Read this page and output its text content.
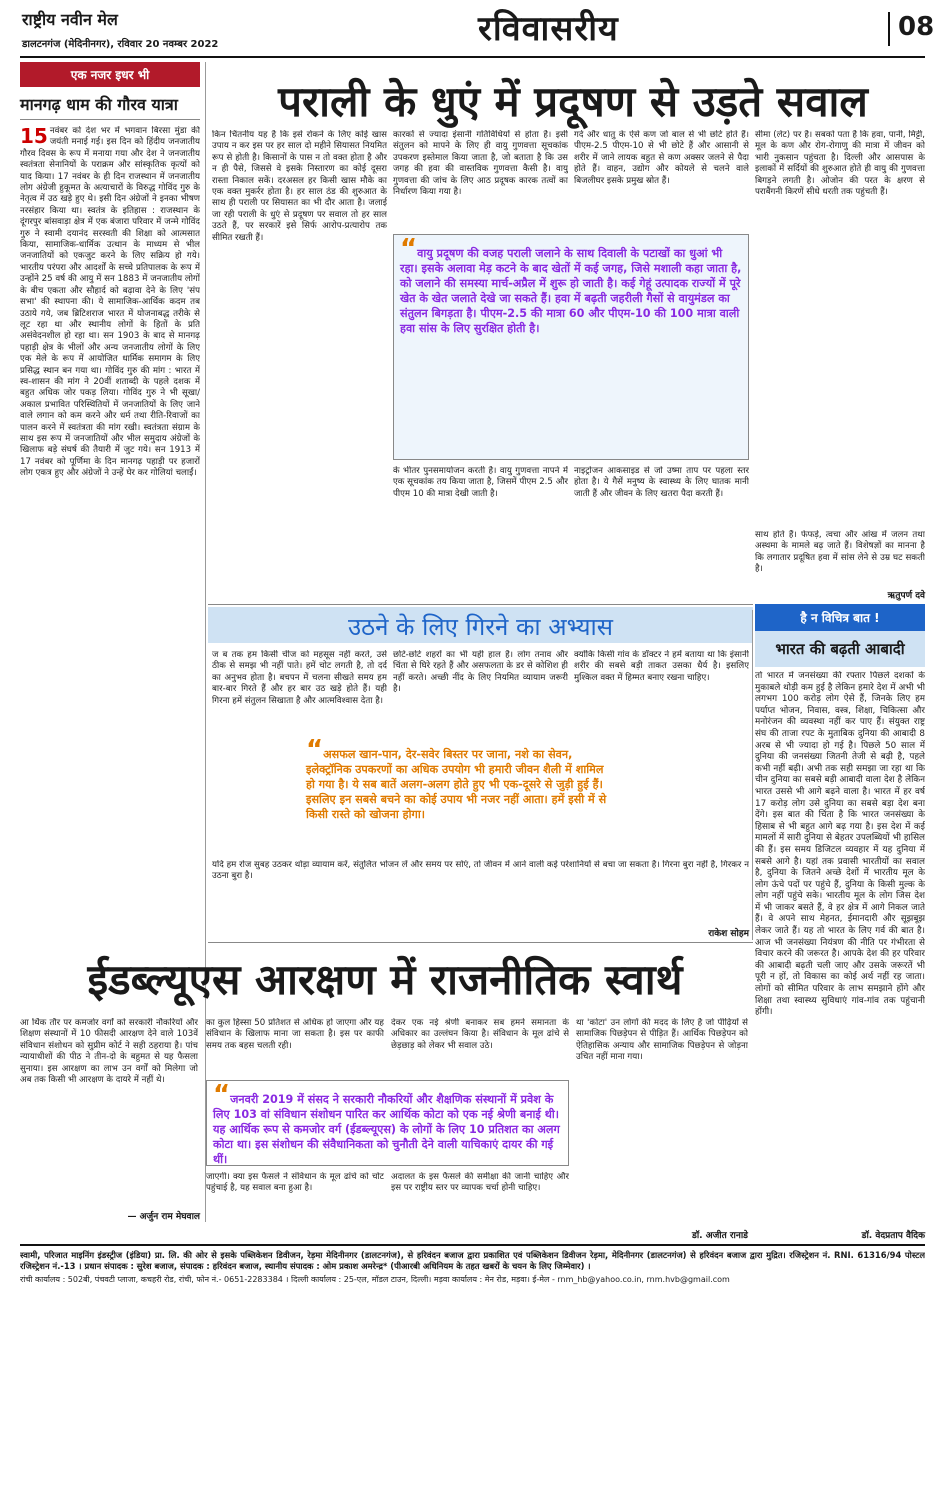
राष्ट्रीय नवीन मेल
डालटनगंज (मेदिनीनगर), रविवार 20 नवम्बर 2022	रविवासरीय	08
एक नजर इधर भी
मानगढ़ धाम की गौरव यात्रा
15 नवंबर को देश भर में भगवान बिरसा मुंडा की जयंती मनाई गई। इस दिन को हिंदीय जनजातीय गौरव दिवस के रूप में मनाया गया और देश ने जनजातीय स्वतंत्रता सेनानियों के पराक्रम और सांस्कृतिक कृत्यों को याद किया। 17 नवंबर के ही दिन राजस्थान में जनजातीय लोग अंग्रेजी हुकूमत के अत्याचारों के विरुद्ध गोविंद गुरु के नेतृत्व में उठ खड़े हुए थे। इसी दिन अंग्रेजों ने इनका भीषण नरसंहार किया था। स्वतंत्र के इतिहास : राजस्थान के दूंगरपुर बांसवाड़ा क्षेत्र में एक बंजारा परिवार में जन्मे गोविंद गुरु ने स्वामी दयानंद सरस्वती की शिक्षा को आत्मसात किया, सामाजिक-धार्मिक उत्थान के माध्यम से भील जनजातियों को एकजुट करने के लिए सक्रिय हो गये। भारतीय परंपरा और आदर्शों के सच्चे प्रतिपालक के रूप में उन्होंने 25 वर्ष की आयु में सन 1883 में जनजातीय लोगों के बीच एकता और सौहार्द को बढ़ावा देने के लिए 'संप सभा' की स्थापना की। ये सामाजिक-आर्थिक कदम तब उठाये गये, जब ब्रिटिशराज भारत में योजनाबद्ध तरीके से लूट रहा था और स्थानीय लोगों के हितों के प्रति असंवेदनशील हो रहा था। सन 1903 के बाद से मानगढ़ पहाड़ी क्षेत्र के भीलों और अन्य जनजातीय लोगों के लिए एक मेले के रूप में आयोजित धार्मिक समागम के लिए प्रसिद्ध स्थान बन गया था। गोविंद गुरु की मांग : भारत में स्व-शासन की मांग ने 20वीं शताब्दी के पहले दशक में बहुत अधिक जोर पकड़ लिया। गोविंद गुरु ने भी सूखा/अकाल प्रभावित परिस्थितियों में जनजातियों के लिए जाने वाले लगान को कम करने और धर्म तथा रीति-रिवाजों का पालन करने में स्वतंत्रता की मांग रखी। स्वतंत्रता संग्राम के साथ इस रूप में जनजातियों और भील समुदाय अंग्रेजों के खिलाफ बड़े संघर्ष की तैयारी में जुट गये। सन 1913 में 17 नवंबर को पूर्णिमा के दिन मानगढ़ पहाड़ी पर हजारों लोग एकत्र हुए और अंग्रेजों ने उन्हें घेर कर गोलियां चलाईं।
— अर्जुन राम मेघवाल
पराली के धुएं में प्रदूषण से उड़ते सवाल
किन चिंतनीय यह है कि इसे रोकने के लिए कोई खास उपाय न कर इस पर हर साल दो महीने सियासत नियमित रूप से होती है। किसानों के पास न तो वक्त होता है और न ही पैसे, जिससे वे इसके निस्तारण का कोई दूसरा रास्ता निकाल सकें। दरअसल हर किसी खास मौके का एक वक्त मुकर्रर होता है। हर साल ठंड की शुरुआत के साथ ही पराली पर सियासत का भी दौर आता है। जलाई जा रही पराली के धुएं से प्रदूषण पर सवाल तो हर साल उठते हैं, पर सरकारें इसे सिर्फ आरोप-प्रत्यारोप तक सीमित रखती हैं।
कारकों से ज्यादा इंसानी गतिविधियों से होता है। इसी संतुलन को मापने के लिए ही वायु गुणवत्ता सूचकांक उपकरण इस्तेमाल किया जाता है, जो बताता है कि उस जगह की हवा की वास्तविक गुणवत्ता कैसी है। वायु गुणवत्ता की जांच के लिए आठ प्रदूषक कारक तत्वों का निर्धारण किया गया है।
गर्द और धातु के ऐसे कण जो बाल से भी छोटे होते हैं। पीएम-2.5 पीएम-10 से भी छोटे हैं और आसानी से शरीर में जाने लायक बहुत से कण अक्सर जलने से पैदा होते हैं। वाहन, उद्योग और कोयले से चलने वाले बिजलीघर इसके प्रमुख स्रोत हैं।
सीमा (लेट) पर है। सबको पता है कि हवा, पानी, मिट्टी, मूल के कण और रोग-रोगाणु की मात्रा में जीवन को भारी नुकसान पहुंचता है। दिल्ली और आसपास के इलाकों में सर्दियों की शुरुआत होते ही वायु की गुणवत्ता बिगड़ने लगती है। ओजोन की परत के क्षरण से पराबैंगनी किरणें सीधे धरती तक पहुंचती हैं।
“वायु प्रदूषण की वजह पराली जलाने के साथ दिवाली के पटाखों का धुआं भी रहा। इसके अलावा मेड़ कटने के बाद खेतों में कई जगह, जिसे मशाली कहा जाता है, को जलाने की समस्या मार्च-अप्रैल में शुरू हो जाती है। कई गेहूं उत्पादक राज्यों में पूरे खेत के खेत जलाते देखे जा सकते हैं। हवा में बढ़ती जहरीली गैसों से वायुमंडल का संतुलन बिगड़ता है। पीएम-2.5 की मात्रा 60 और पीएम-10 की 100 मात्रा वाली हवा सांस के लिए सुरक्षित होती है।
के भीतर पुनसमायोजन करती है। वायु गुणवत्ता नापने में एक सूचकांक तय किया जाता है, जिसमें पीएम 2.5 और पीएम 10 की मात्रा देखी जाती है।
नाइट्रोजन आकसाइड से जो उष्मा ताप पर पहला स्तर होता है। ये गैसें मनुष्य के स्वास्थ्य के लिए घातक मानी जाती हैं और जीवन के लिए खतरा पैदा करती हैं।
साथ होते हैं। फेफड़े, त्वचा और आंख में जलन तथा अस्थमा के मामले बढ़ जाते हैं। विशेषज्ञों का मानना है कि लगातार प्रदूषित हवा में सांस लेने से उम्र घट सकती है।
ऋतुपर्ण दवे
उठने के लिए गिरने का अभ्यास
ज ब तक हम किसी चीज को महसूस नहीं करते, उसे ठीक से समझ भी नहीं पाते। हमें चोट लगती है, तो दर्द का अनुभव होता है। बचपन में चलना सीखते समय हम बार-बार गिरते हैं और हर बार उठ खड़े होते हैं। यही गिरना हमें संतुलन सिखाता है और आत्मविश्वास देता है।
छोटे-छोटे शहरों का भी यही हाल है। लोग तनाव और चिंता से घिरे रहते हैं और असफलता के डर से कोशिश ही नहीं करते। अच्छी नींद के लिए नियमित व्यायाम जरूरी है।
क्योंकि किसी गांव के डॉक्टर ने हमें बताया था कि इंसानी शरीर की सबसे बड़ी ताकत उसका धैर्य है। इसलिए मुश्किल वक्त में हिम्मत बनाए रखना चाहिए।
“असफल खान-पान, देर-सवेर बिस्तर पर जाना, नशे का सेवन, इलेक्ट्रॉनिक उपकरणों का अधिक उपयोग भी हमारी जीवन शैली में शामिल हो गया है। ये सब बातें अलग-अलग होते हुए भी एक-दूसरे से जुड़ी हुई हैं। इसलिए इन सबसे बचने का कोई उपाय भी नजर नहीं आता। हमें इसी में से किसी रास्ते को खोजना होगा।
यदि हम रोज सुबह उठकर थोड़ा व्यायाम करें, संतुलित भोजन लें और समय पर सोएं, तो जीवन में आने वाली कई परेशानियों से बचा जा सकता है। गिरना बुरा नहीं है, गिरकर न उठना बुरा है।
राकेश सोहम
है न विचित्र बात !
भारत की बढ़ती आबादी
तो भारत में जनसंख्या की रफ्तार पिछले दशकों के मुकाबले थोड़ी कम हुई है लेकिन हमारे देश में अभी भी लगभग 100 करोड़ लोग ऐसे हैं, जिनके लिए हम पर्याप्त भोजन, निवास, वस्त्र, शिक्षा, चिकित्सा और मनोरंजन की व्यवस्था नहीं कर पाए हैं। संयुक्त राष्ट्र संघ की ताजा रपट के मुताबिक दुनिया की आबादी 8 अरब से भी ज्यादा हो गई है। पिछले 50 साल में दुनिया की जनसंख्या जितनी तेजी से बढ़ी है, पहले कभी नहीं बढ़ी। अभी तक सही समझा जा रहा था कि चीन दुनिया का सबसे बड़ी आबादी वाला देश है लेकिन भारत उससे भी आगे बढ़ने वाला है। भारत में हर वर्ष 17 करोड़ लोग उसे दुनिया का सबसे बड़ा देश बना देंगे। इस बात की चिंता है कि भारत जनसंख्या के हिसाब से भी बहुत आगे बढ़ गया है। इस देश में कई मामलों में सारी दुनिया से बेहतर उपलब्धियों भी हासिल की हैं। इस समय डिजिटल व्यवहार में यह दुनिया में सबसे आगे है। यहां तक प्रवासी भारतीयों का सवाल है, दुनिया के जितने अच्छे देशों में भारतीय मूल के लोग ऊंचे पदों पर पहुंचे हैं, दुनिया के किसी मुल्क के लोग नहीं पहुंचे सके। भारतीय मूल के लोग जिस देश में भी जाकर बसते हैं, वे हर क्षेत्र में आगे निकल जाते हैं। वे अपने साथ मेहनत, ईमानदारी और सूझबूझ लेकर जाते हैं। यह तो भारत के लिए गर्व की बात है। आज भी जनसंख्या नियंत्रण की नीति पर गंभीरता से विचार करने की जरूरत है। आपके देश की हर परिवार की आबादी बढ़ती चली जाए और उसके जरूरतें भी पूरी न हों, तो विकास का कोई अर्थ नहीं रह जाता। लोगों को सीमित परिवार के लाभ समझाने होंगे और शिक्षा तथा स्वास्थ्य सुविधाएं गांव-गांव तक पहुंचानी होंगी।
ईडब्ल्यूएस आरक्षण में राजनीतिक स्वार्थ
आ र्थिक तौर पर कमजोर वर्गों को सरकारी नौकरियों और शिक्षण संस्थानों में 10 फीसदी आरक्षण देने वाले 103वें संविधान संशोधन को सुप्रीम कोर्ट ने सही ठहराया है। पांच न्यायाधीशों की पीठ ने तीन-दो के बहुमत से यह फैसला सुनाया। इस आरक्षण का लाभ उन वर्गों को मिलेगा जो अब तक किसी भी आरक्षण के दायरे में नहीं थे।
का कुल हिस्सा 50 प्रतिशत से अधिक हो जाएगा और यह संविधान के खिलाफ माना जा सकता है। इस पर काफी समय तक बहस चलती रही।
देकर एक नई श्रेणी बनाकर सब हमने समानता के अधिकार का उल्लंघन किया है। संविधान के मूल ढांचे से छेड़छाड़ को लेकर भी सवाल उठे।
था 'कोटा' उन लोगों की मदद के लिए है जो पीढ़ियों से सामाजिक पिछड़ेपन से पीड़ित हैं। आर्थिक पिछड़ेपन को ऐतिहासिक अन्याय और सामाजिक पिछड़ेपन से जोड़ना उचित नहीं माना गया।
“जनवरी 2019 में संसद ने सरकारी नौकरियों और शैक्षणिक संस्थानों में प्रवेश के लिए 103 वां संविधान संशोधन पारित कर आर्थिक कोटा को एक नई श्रेणी बनाई थी। यह आर्थिक रूप से कमजोर वर्ग (ईडब्ल्यूएस) के लोगों के लिए 10 प्रतिशत का अलग कोटा था। इस संशोधन की संवैधानिकता को चुनौती देने वाली याचिकाएं दायर की गई थीं।
जाएगी। क्या इस फैसले ने संविधान के मूल ढांचे को चोट पहुंचाई है, यह सवाल बना हुआ है।
अदालत के इस फैसले की समीक्षा की जानी चाहिए और इस पर राष्ट्रीय स्तर पर व्यापक चर्चा होनी चाहिए।
डॉ. अजीत रानाडे	डॉ. वेदप्रताप वैदिक
स्वामी, परिजात माइनिंग इंडस्ट्रीज (इंडिया) प्रा. लि. की ओर से इसके पब्लिकेशन डिवीजन, रेड़मा मेदिनीनगर (डालटनगंज), से हरिवंदन बजाज द्वारा प्रकाशित एवं पब्लिकेशन डिवीजन रेड़मा, मेदिनीनगर (डालटनगंज) से हरिवंदन बजाज द्वारा मुद्रित। रजिस्ट्रेशन नं. RNI. 61316/94 पोस्टल रजिस्ट्रेशन नं.-13 । प्रधान संपादक : सुरेश बजाज, संपादक : हरिवंदन बजाज, स्थानीय संपादक : ओम प्रकाश अमरेन्द्र* (पीआरबी अधिनियम के तहत खबरों के चयन के लिए जिम्मेवार) ।
रांची कार्यालय : 502बी, पंचवटी प्लाजा, कचहरी रोड, रांची, फोन नं.- 0651-2283384 । दिल्ली कार्यालय : 25-एल, मॉडल टाउन, दिल्ली। मड़वा कार्यालय : मेन रोड, मड़वा। ई-मेल - rnm_hb@yahoo.co.in, rnm.hvb@gmail.com
